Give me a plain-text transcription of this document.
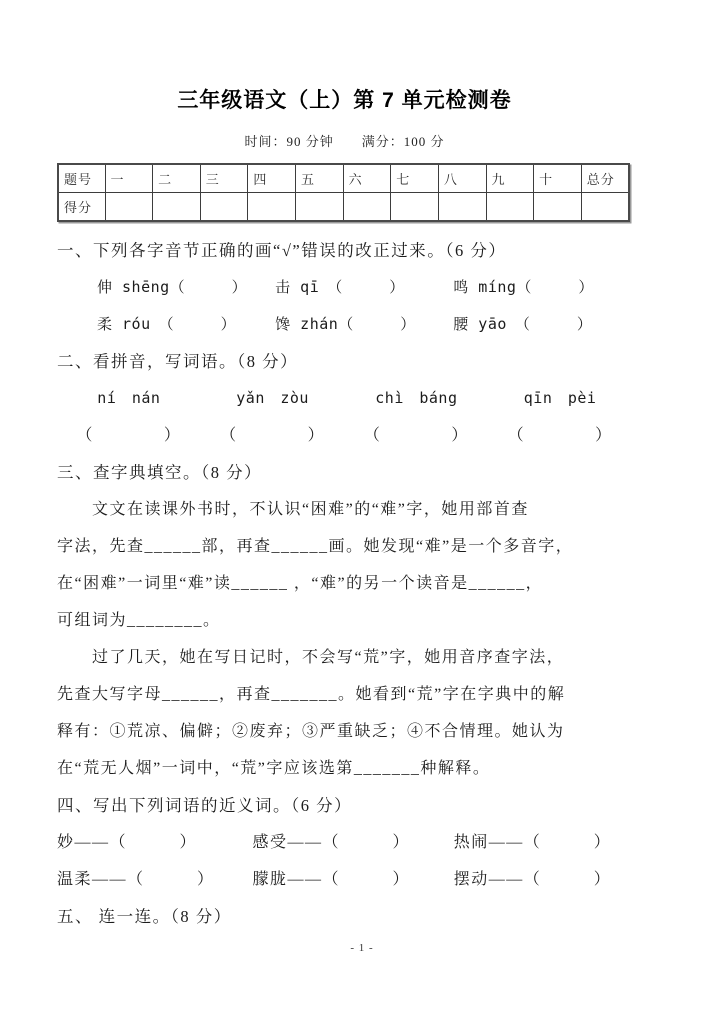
三年级语文（上）第 7 单元检测卷
时间：90 分钟　　满分：100 分
题号	一	二	三	四	五	六	七	八	九	十	总分
得分											
一、下列各字音节正确的画“√”错误的改正过来。（6 分）
伸 shēng（　　　）	击 qī　（　　　）	鸣 míng（　　　）
柔 róu　（　　　）	馋 zhán（　　　）	腰 yāo　（　　　）
二、看拼音，写词语。（8 分）
ní　nán	yǎn　zòu	chì　báng	qīn　pèi
（　　　　）	（　　　　）	（　　　　）	（　　　　）
三、查字典填空。（8 分）
　　文文在读课外书时，不认识“困难”的“难”字，她用部首查
字法，先查______部，再查______画。她发现“难”是一个多音字，
在“困难”一词里“难”读______ ，“难”的另一个读音是______，
可组词为________。
　　过了几天，她在写日记时，不会写“荒”字，她用音序查字法，
先查大写字母______，再查_______。她看到“荒”字在字典中的解
释有：①荒凉、偏僻；②废弃；③严重缺乏；④不合情理。她认为
在“荒无人烟”一词中，“荒”字应该选第_______种解释。
四、写出下列词语的近义词。（6 分）
妙——（　　　）	感受——（　　　）	热闹——（　　　）
温柔——（　　　）	朦胧——（　　　）	摆动——（　　　）
五、 连一连。（8 分）
- 1 -
